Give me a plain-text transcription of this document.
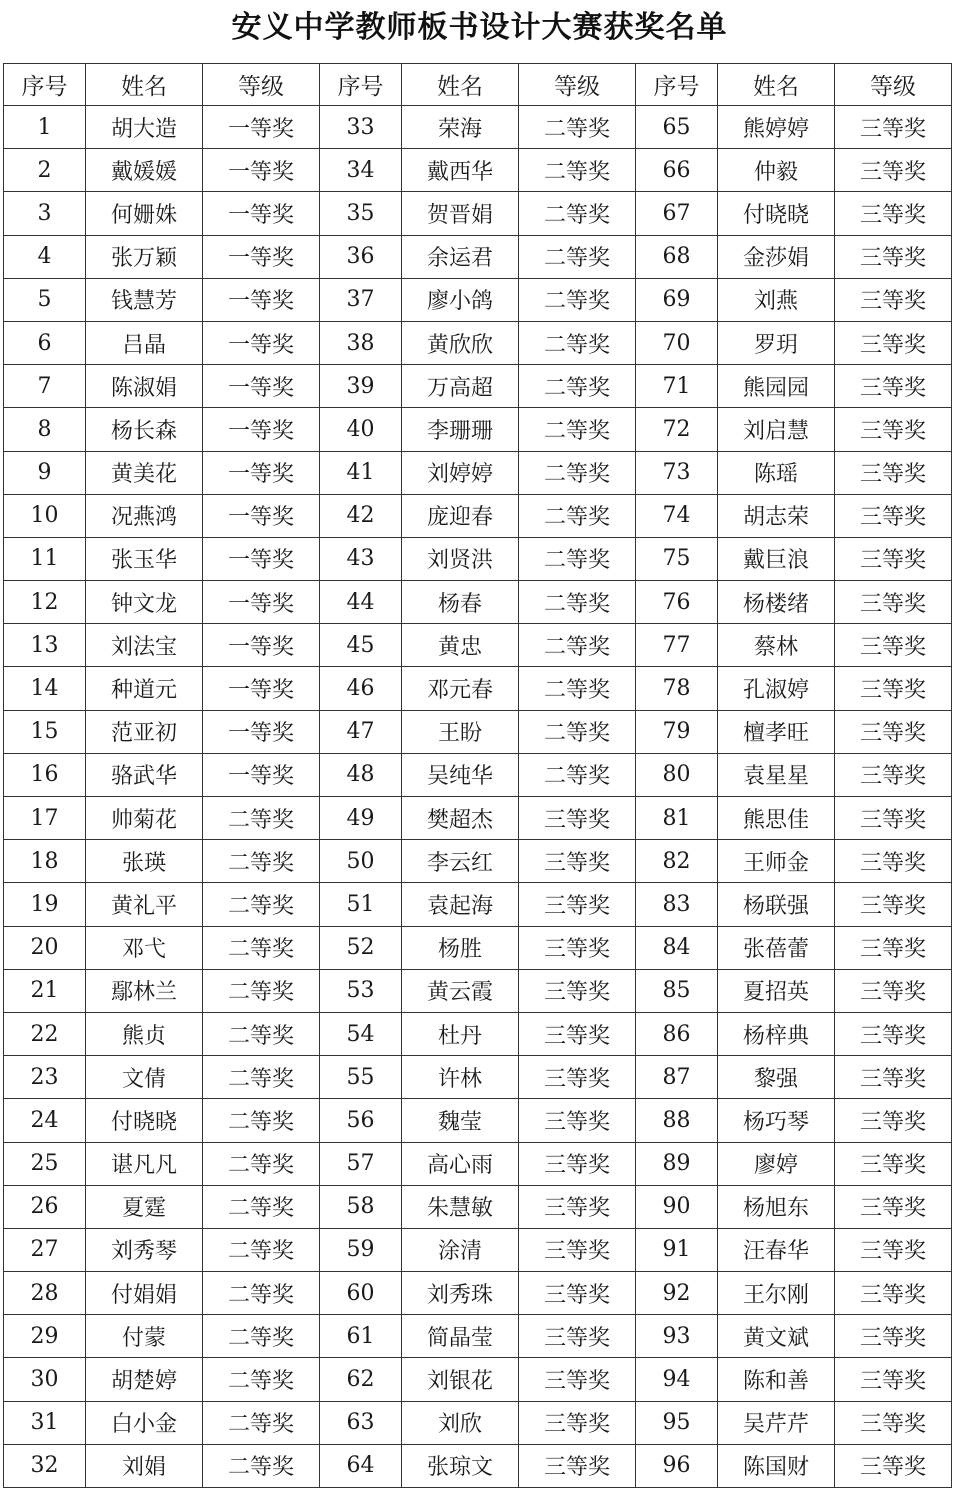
安义中学教师板书设计大赛获奖名单
序号	姓名	等级	序号	姓名	等级	序号	姓名	等级
1	胡大造	一等奖	33	荣海	二等奖	65	熊婷婷	三等奖
2	戴媛媛	一等奖	34	戴西华	二等奖	66	仲毅	三等奖
3	何姗姝	一等奖	35	贺晋娟	二等奖	67	付晓晓	三等奖
4	张万颖	一等奖	36	余运君	二等奖	68	金莎娟	三等奖
5	钱慧芳	一等奖	37	廖小鸽	二等奖	69	刘燕	三等奖
6	吕晶	一等奖	38	黄欣欣	二等奖	70	罗玥	三等奖
7	陈淑娟	一等奖	39	万高超	二等奖	71	熊园园	三等奖
8	杨长森	一等奖	40	李珊珊	二等奖	72	刘启慧	三等奖
9	黄美花	一等奖	41	刘婷婷	二等奖	73	陈瑶	三等奖
10	况燕鸿	一等奖	42	庞迎春	二等奖	74	胡志荣	三等奖
11	张玉华	一等奖	43	刘贤洪	二等奖	75	戴巨浪	三等奖
12	钟文龙	一等奖	44	杨春	二等奖	76	杨楼绪	三等奖
13	刘法宝	一等奖	45	黄忠	二等奖	77	蔡林	三等奖
14	种道元	一等奖	46	邓元春	二等奖	78	孔淑婷	三等奖
15	范亚初	一等奖	47	王盼	二等奖	79	檀孝旺	三等奖
16	骆武华	一等奖	48	吴纯华	二等奖	80	袁星星	三等奖
17	帅菊花	二等奖	49	樊超杰	三等奖	81	熊思佳	三等奖
18	张瑛	二等奖	50	李云红	三等奖	82	王师金	三等奖
19	黄礼平	二等奖	51	袁起海	三等奖	83	杨联强	三等奖
20	邓弋	二等奖	52	杨胜	三等奖	84	张蓓蕾	三等奖
21	鄢林兰	二等奖	53	黄云霞	三等奖	85	夏招英	三等奖
22	熊贞	二等奖	54	杜丹	三等奖	86	杨梓典	三等奖
23	文倩	二等奖	55	许林	三等奖	87	黎强	三等奖
24	付晓晓	二等奖	56	魏莹	三等奖	88	杨巧琴	三等奖
25	谌凡凡	二等奖	57	高心雨	三等奖	89	廖婷	三等奖
26	夏霆	二等奖	58	朱慧敏	三等奖	90	杨旭东	三等奖
27	刘秀琴	二等奖	59	涂清	三等奖	91	汪春华	三等奖
28	付娟娟	二等奖	60	刘秀珠	三等奖	92	王尔刚	三等奖
29	付蒙	二等奖	61	简晶莹	三等奖	93	黄文斌	三等奖
30	胡楚婷	二等奖	62	刘银花	三等奖	94	陈和善	三等奖
31	白小金	二等奖	63	刘欣	三等奖	95	吴芹芹	三等奖
32	刘娟	二等奖	64	张琼文	三等奖	96	陈国财	三等奖
